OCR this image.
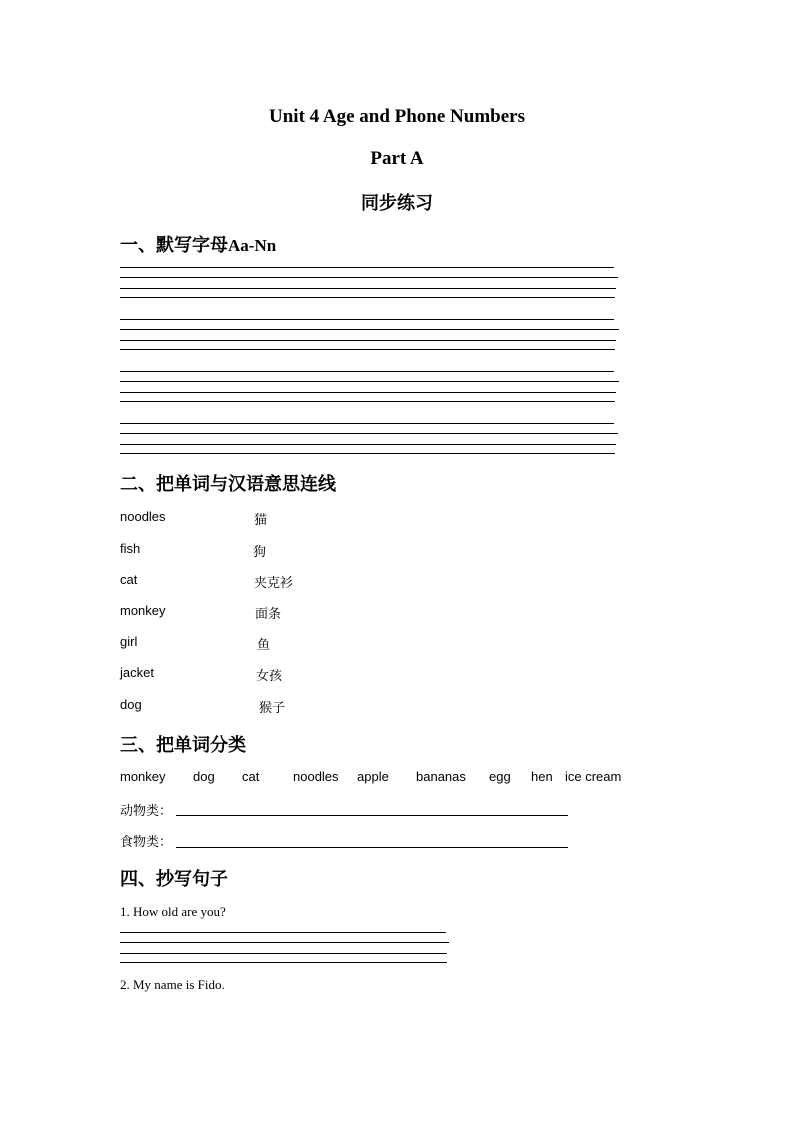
Unit 4 Age and Phone Numbers
Part A
同步练习
一、默写字母Aa-Nn
二、把单词与汉语意思连线
noodles
fish
cat
monkey
girl
jacket
dog
猫
狗
夹克衫
面条
鱼
女孩
猴子
三、把单词分类
monkey dog cat	noodles apple bananas egg hen ice cream
动物类：
食物类：
四、抄写句子
1. How old are you?
2. My name is Fido.
